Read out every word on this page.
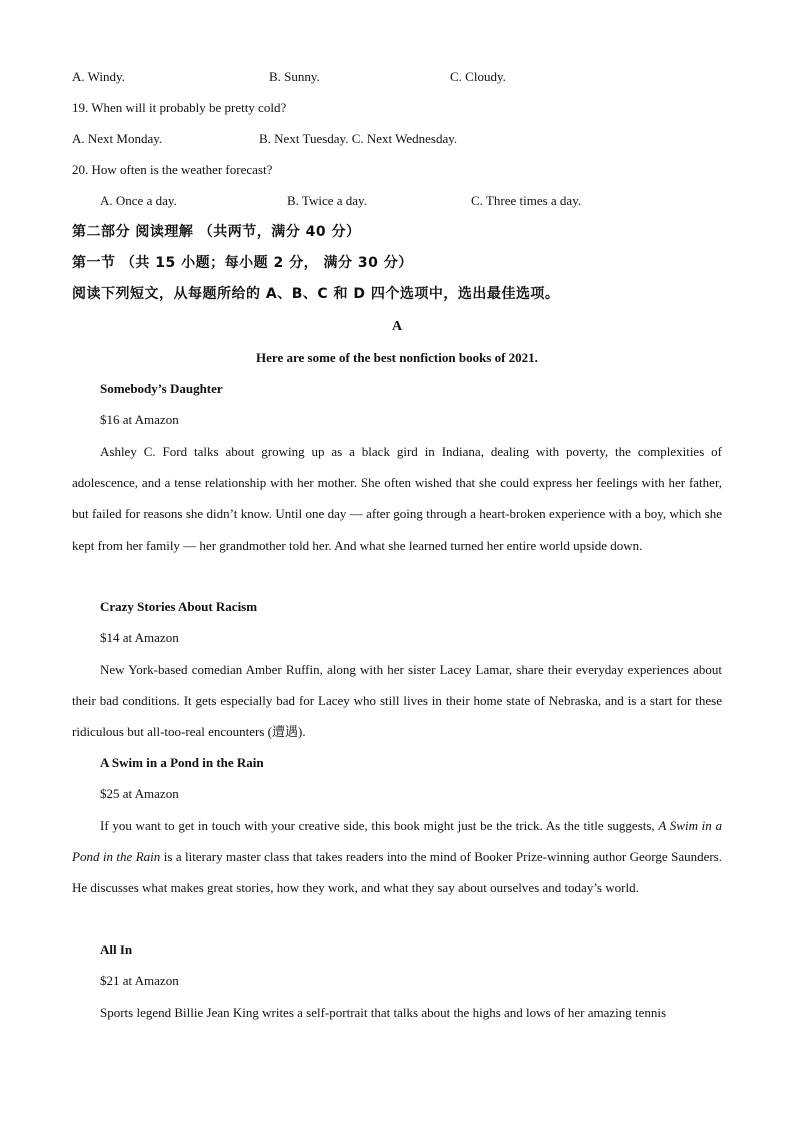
A. Windy.	B. Sunny.	C. Cloudy.
19. When will it probably be pretty cold?
A. Next Monday.	B. Next Tuesday. C. Next Wednesday.
20. How often is the weather forecast?
A. Once a day.	B. Twice a day.	C. Three times a day.
第二部分 阅读理解 （共两节，满分 40 分）
第一节 （共 15 小题；每小题 2 分， 满分 30 分）
阅读下列短文，从每题所给的 A、B、C 和 D 四个选项中，选出最佳选项。
A
Here are some of the best nonfiction books of 2021.
Somebody’s Daughter
$16 at Amazon
Ashley C. Ford talks about growing up as a black gird in Indiana, dealing with poverty, the complexities of adolescence, and a tense relationship with her mother. She often wished that she could express her feelings with her father, but failed for reasons she didn’t know. Until one day — after going through a heart-broken experience with a boy, which she kept from her family — her grandmother told her. And what she learned turned her entire world upside down.
Crazy Stories About Racism
$14 at Amazon
New York-based comedian Amber Ruffin, along with her sister Lacey Lamar, share their everyday experiences about their bad conditions. It gets especially bad for Lacey who still lives in their home state of Nebraska, and is a start for these ridiculous but all-too-real encounters (遭遇).
A Swim in a Pond in the Rain
$25 at Amazon
If you want to get in touch with your creative side, this book might just be the trick. As the title suggests, A Swim in a Pond in the Rain is a literary master class that takes readers into the mind of Booker Prize-winning author George Saunders. He discusses what makes great stories, how they work, and what they say about ourselves and today’s world.
All In
$21 at Amazon
Sports legend Billie Jean King writes a self-portrait that talks about the highs and lows of her amazing tennis
